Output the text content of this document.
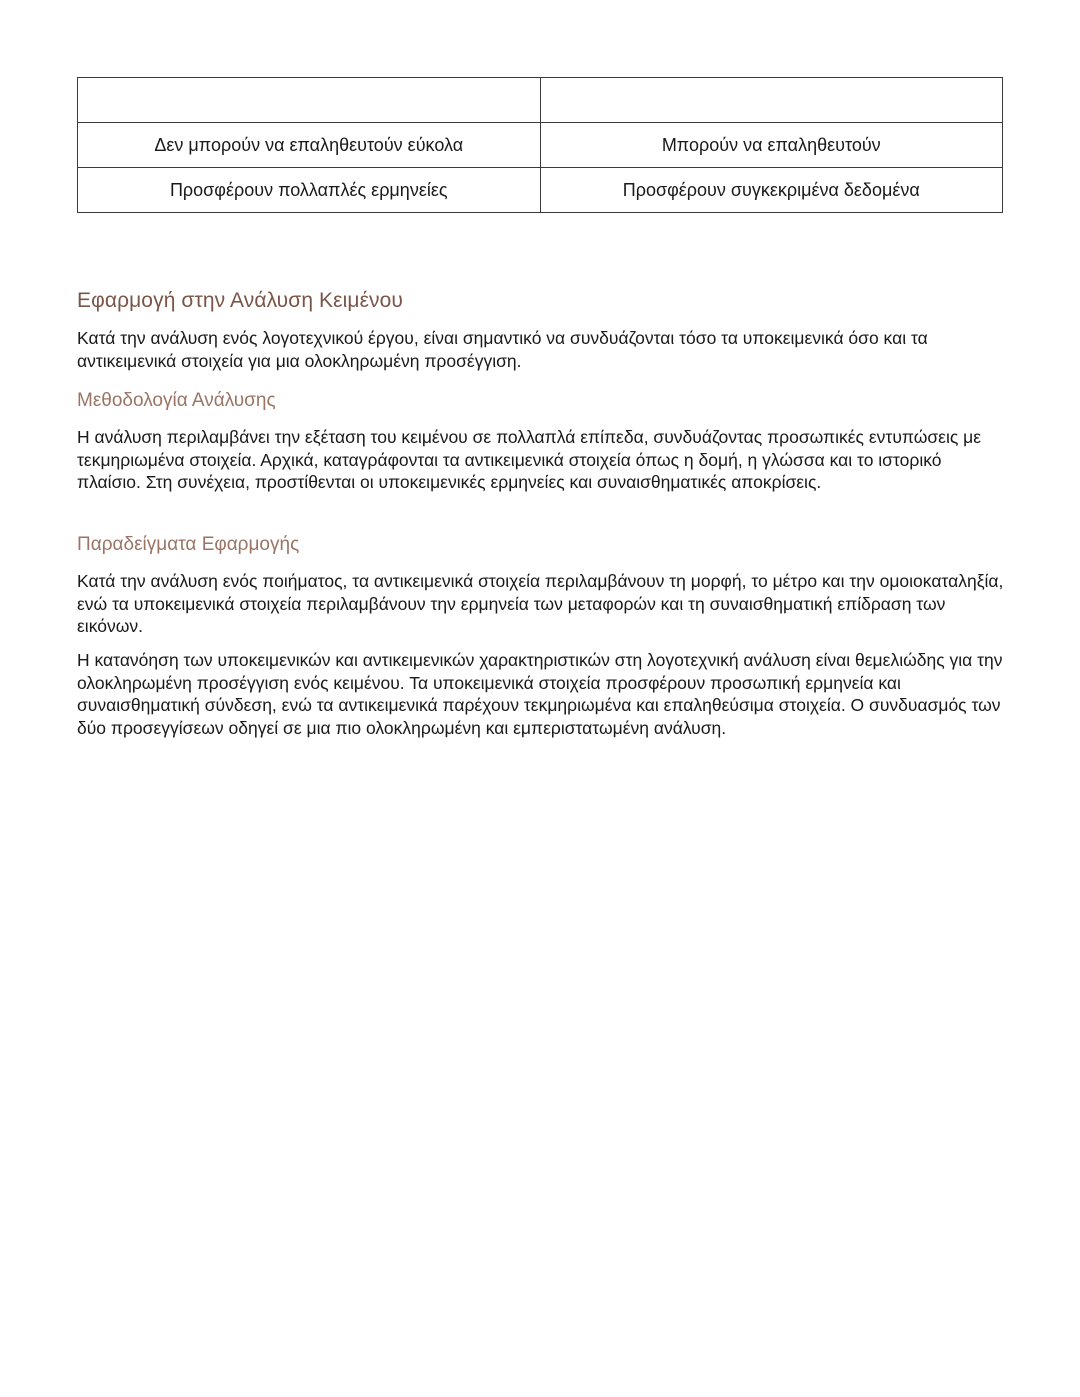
Δεν μπορούν να επαληθευτούν εύκολα	Μπορούν να επαληθευτούν
Προσφέρουν πολλαπλές ερμηνείες	Προσφέρουν συγκεκριμένα δεδομένα
Εφαρμογή στην Ανάλυση Κειμένου

Κατά την ανάλυση ενός λογοτεχνικού έργου, είναι σημαντικό να συνδυάζονται τόσο τα υποκειμενικά όσο και τα αντικειμενικά στοιχεία για μια ολοκληρωμένη προσέγγιση.

Μεθοδολογία Ανάλυσης

Η ανάλυση περιλαμβάνει την εξέταση του κειμένου σε πολλαπλά επίπεδα, συνδυάζοντας προσωπικές εντυπώσεις με τεκμηριωμένα στοιχεία. Αρχικά, καταγράφονται τα αντικειμενικά στοιχεία όπως η δομή, η γλώσσα και το ιστορικό πλαίσιο. Στη συνέχεια, προστίθενται οι υποκειμενικές ερμηνείες και συναισθηματικές αποκρίσεις.

Παραδείγματα Εφαρμογής

Κατά την ανάλυση ενός ποιήματος, τα αντικειμενικά στοιχεία περιλαμβάνουν τη μορφή, το μέτρο και την ομοιοκαταληξία, ενώ τα υποκειμενικά στοιχεία περιλαμβάνουν την ερμηνεία των μεταφορών και τη συναισθηματική επίδραση των εικόνων.

Η κατανόηση των υποκειμενικών και αντικειμενικών χαρακτηριστικών στη λογοτεχνική ανάλυση είναι θεμελιώδης για την ολοκληρωμένη προσέγγιση ενός κειμένου. Τα υποκειμενικά στοιχεία προσφέρουν προσωπική ερμηνεία και συναισθηματική σύνδεση, ενώ τα αντικειμενικά παρέχουν τεκμηριωμένα και επαληθεύσιμα στοιχεία. Ο συνδυασμός των δύο προσεγγίσεων οδηγεί σε μια πιο ολοκληρωμένη και εμπεριστατωμένη ανάλυση.
